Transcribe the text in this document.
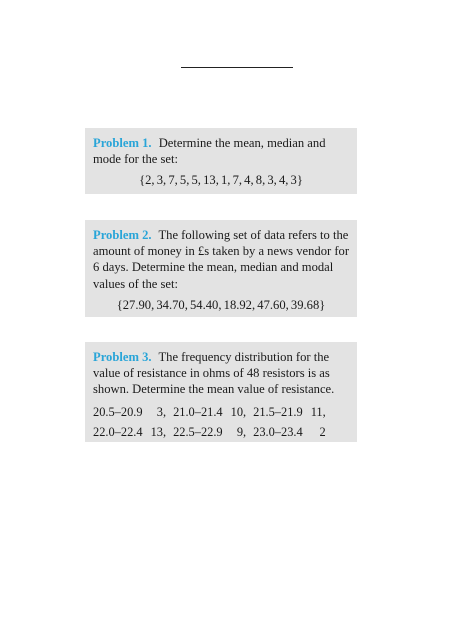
Problem 1. Determine the mean, median and mode for the set:
{2, 3, 7, 5, 5, 13, 1, 7, 4, 8, 3, 4, 3}
Problem 2. The following set of data refers to the amount of money in £s taken by a news vendor for 6 days. Determine the mean, median and modal values of the set:
{27.90, 34.70, 54.40, 18.92, 47.60, 39.68}
Problem 3. The frequency distribution for the value of resistance in ohms of 48 resistors is as shown. Determine the mean value of resistance.
20.5–20.9	3,	21.0–21.4	10,	21.5–21.9	11,
22.0–22.4	13,	22.5–22.9	9,	23.0–23.4	2
